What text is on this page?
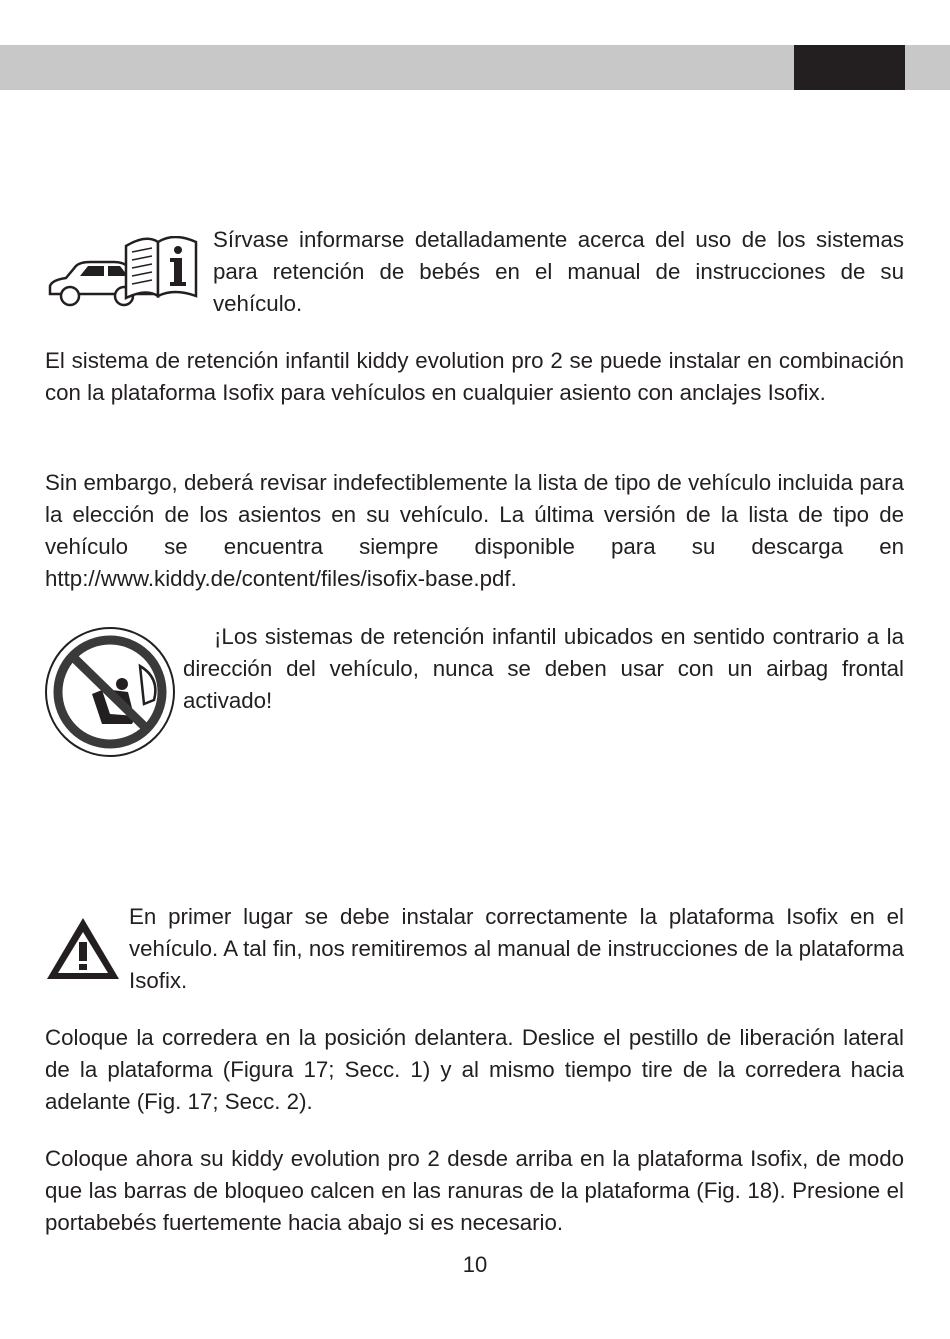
Sírvase informarse detalladamente acerca del uso de los sistemas para retención de bebés en el manual de instrucciones de su vehículo.

El sistema de retención infantil kiddy evolution pro 2 se puede instalar en combinación con la plataforma Isofix para vehículos en cualquier asiento con anclajes Isofix.

Sin embargo, deberá revisar indefectiblemente la lista de tipo de vehículo incluida para la elección de los asientos en su vehículo. La última versión de la lista de tipo de vehículo se encuentra siempre disponible para su descarga en http://www.kiddy.de/content/files/isofix-base.pdf.

¡Los sistemas de retención infantil ubicados en sentido contrario a la dirección del vehículo, nunca se deben usar con un airbag frontal activado!

En primer lugar se debe instalar correctamente la plataforma Isofix en el vehículo. A tal fin, nos remitiremos al manual de instrucciones de la plataforma Isofix.

Coloque la corredera en la posición delantera. Deslice el pestillo de liberación lateral de la plataforma (Figura 17; Secc. 1) y al mismo tiempo tire de la corredera hacia adelante (Fig. 17; Secc. 2).

Coloque ahora su kiddy evolution pro 2 desde arriba en la plataforma Isofix, de modo que las barras de bloqueo calcen en las ranuras de la plataforma (Fig. 18). Presione el portabebés fuertemente hacia abajo si es necesario.

10
